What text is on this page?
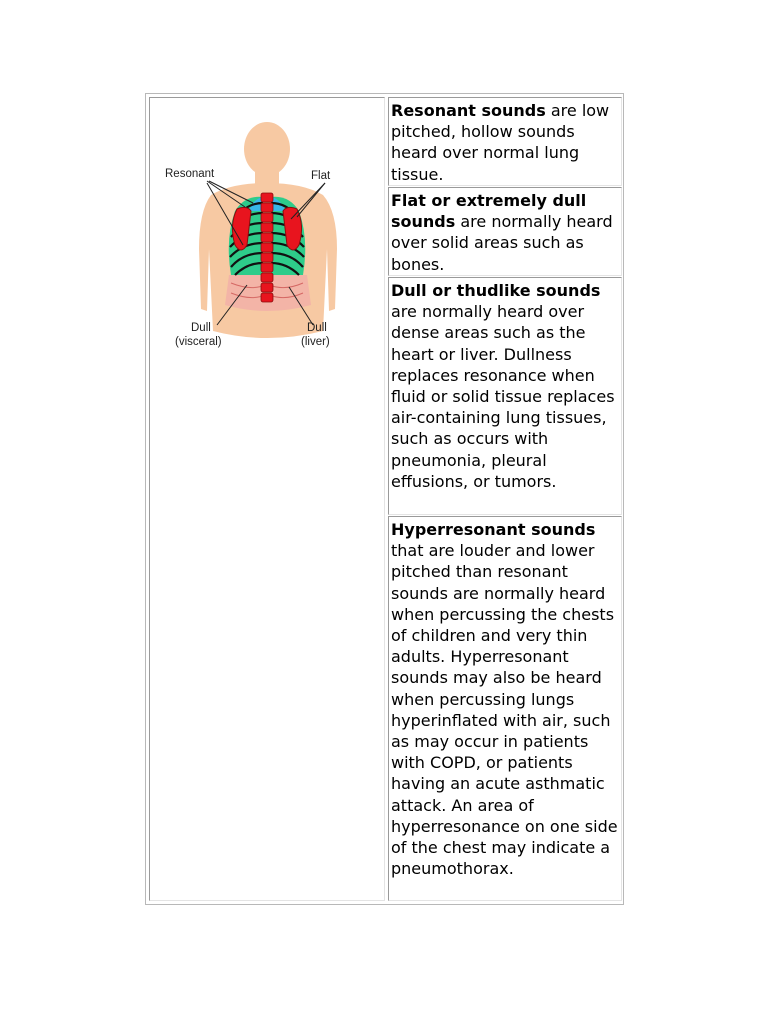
Resonant	Flat
Dull
(visceral)
Dull
(liver)

Resonant sounds are low pitched, hollow sounds heard over normal lung tissue.

Flat or extremely dull sounds are normally heard over solid areas such as bones.

Dull or thudlike sounds are normally heard over dense areas such as the heart or liver. Dullness replaces resonance when fluid or solid tissue replaces air-containing lung tissues, such as occurs with pneumonia, pleural effusions, or tumors.

Hyperresonant sounds that are louder and lower pitched than resonant sounds are normally heard when percussing the chests of children and very thin adults. Hyperresonant sounds may also be heard when percussing lungs hyperinflated with air, such as may occur in patients with COPD, or patients having an acute asthmatic attack. An area of hyperresonance on one side of the chest may indicate a pneumothorax.
